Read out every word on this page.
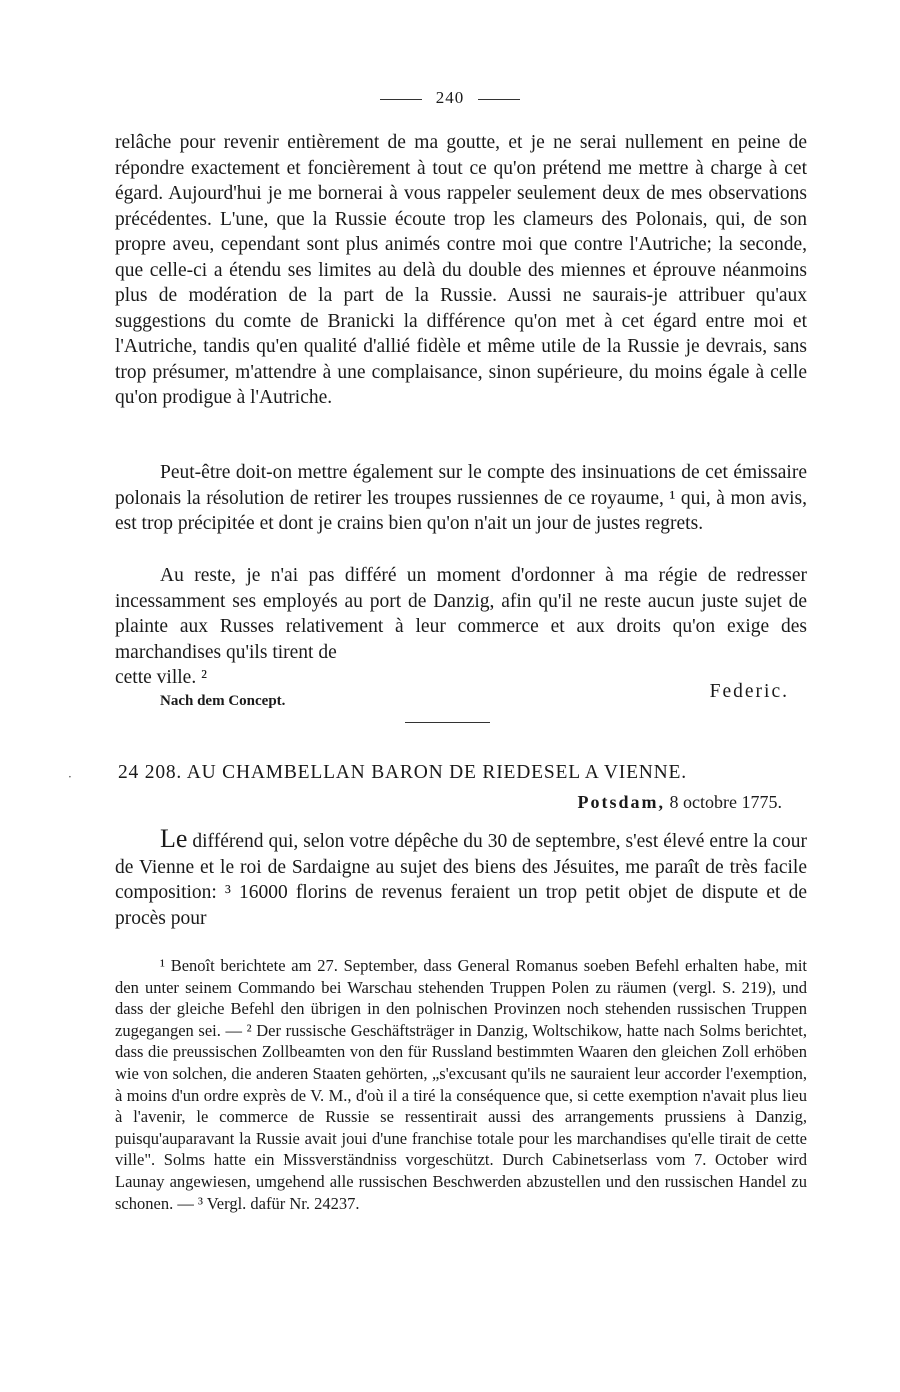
240

relâche pour revenir entièrement de ma goutte, et je ne serai nullement en peine de répondre exactement et foncièrement à tout ce qu'on prétend me mettre à charge à cet égard. Aujourd'hui je me bornerai à vous rappeler seulement deux de mes observations précédentes. L'une, que la Russie écoute trop les clameurs des Polonais, qui, de son propre aveu, cependant sont plus animés contre moi que contre l'Autriche; la seconde, que celle-ci a étendu ses limites au delà du double des miennes et éprouve néanmoins plus de modération de la part de la Russie. Aussi ne saurais-je attribuer qu'aux suggestions du comte de Branicki la différence qu'on met à cet égard entre moi et l'Autriche, tandis qu'en qualité d'allié fidèle et même utile de la Russie je devrais, sans trop présumer, m'attendre à une complaisance, sinon supérieure, du moins égale à celle qu'on prodigue à l'Autriche.

Peut-être doit-on mettre également sur le compte des insinuations de cet émissaire polonais la résolution de retirer les troupes russiennes de ce royaume, ¹ qui, à mon avis, est trop précipitée et dont je crains bien qu'on n'ait un jour de justes regrets.

Au reste, je n'ai pas différé un moment d'ordonner à ma régie de redresser incessamment ses employés au port de Danzig, afin qu'il ne reste aucun juste sujet de plainte aux Russes relativement à leur commerce et aux droits qu'on exige des marchandises qu'ils tirent de

cette ville. ²
Federic.
Nach dem Concept.
· 24 208. AU CHAMBELLAN BARON DE RIEDESEL A VIENNE.
Potsdam, 8 octobre 1775.

Le différend qui, selon votre dépêche du 30 de septembre, s'est élevé entre la cour de Vienne et le roi de Sardaigne au sujet des biens des Jésuites, me paraît de très facile composition: ³ 16000 florins de revenus feraient un trop petit objet de dispute et de procès pour

¹ Benoît berichtete am 27. September, dass General Romanus soeben Befehl erhalten habe, mit den unter seinem Commando bei Warschau stehenden Truppen Polen zu räumen (vergl. S. 219), und dass der gleiche Befehl den übrigen in den polnischen Provinzen noch stehenden russischen Truppen zugegangen sei. — ² Der russische Geschäftsträger in Danzig, Woltschikow, hatte nach Solms berichtet, dass die preussischen Zollbeamten von den für Russland bestimmten Waaren den gleichen Zoll erhöben wie von solchen, die anderen Staaten gehörten, „s'excusant qu'ils ne sauraient leur accorder l'exemption, à moins d'un ordre exprès de V. M., d'où il a tiré la conséquence que, si cette exemption n'avait plus lieu à l'avenir, le commerce de Russie se ressentirait aussi des arrangements prussiens à Danzig, puisqu'auparavant la Russie avait joui d'une franchise totale pour les marchandises qu'elle tirait de cette ville". Solms hatte ein Missverständniss vorgeschützt. Durch Cabinetserlass vom 7. October wird Launay angewiesen, umgehend alle russischen Beschwerden abzustellen und den russischen Handel zu schonen. — ³ Vergl. dafür Nr. 24237.
